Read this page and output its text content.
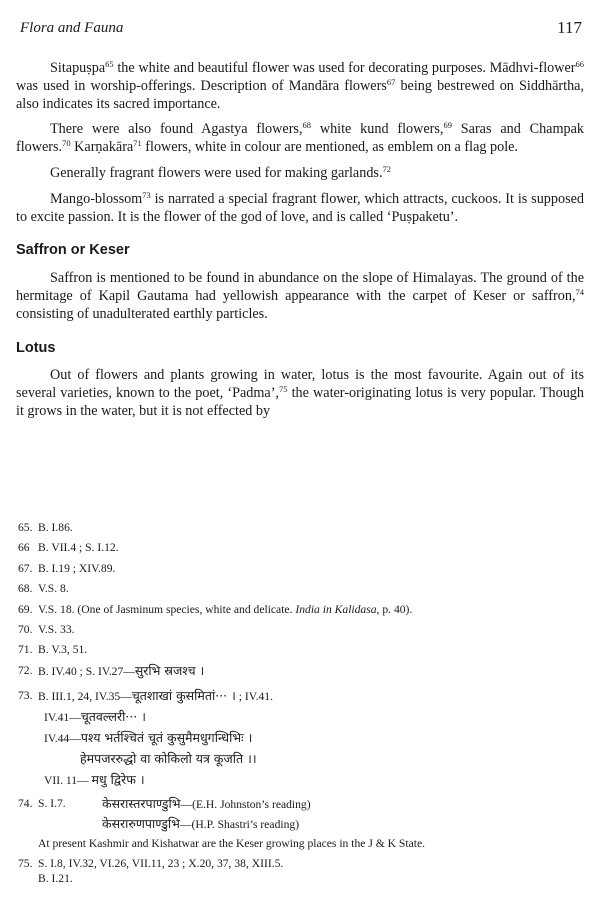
Flora and Fauna	117

Sitapuṣpa$^{65}$ the white and beautiful flower was used for decorating purposes. Mādhvi-flower$^{66}$ was used in worship-offerings. Description of Mandāra flowers$^{67}$ being bestrewed on Siddhārtha, also indicates its sacred importance.

There were also found Agastya flowers,$^{68}$ white kund flowers,$^{69}$ Saras and Champak flowers.$^{70}$ Karṇakāra$^{71}$ flowers, white in colour are mentioned, as emblem on a flag pole.

Generally fragrant flowers were used for making garlands.$^{72}$

Mango-blossom$^{73}$ is narrated a special fragrant flower, which attracts, cuckoos. It is supposed to excite passion. It is the flower of the god of love, and is called ‘Puṣpaketu’.

Saffron or Keser

Saffron is mentioned to be found in abundance on the slope of Himalayas. The ground of the hermitage of Kapil Gautama had yellowish appearance with the carpet of Keser or saffron,$^{74}$ consisting of unadulterated earthly particles.

Lotus

Out of flowers and plants growing in water, lotus is the most favourite. Again out of its several varieties, known to the poet, ‘Padma’,$^{75}$ the water-originating lotus is very popular. Though it grows in the water, but it is not effected by

65. B. I.86.
66 B. VII.4 ; S. I.12.
67. B. I.19 ; XIV.89.
68. V.S. 8.
69. V.S. 18. (One of Jasminum species, white and delicate. India in Kalidasa, p. 40).
70. V.S. 33.
71. B. V.3, 51.
72. B. IV.40 ; S. IV.27—सुरभि स्रजश्च ।
73. B. III.1, 24, IV.35—चूतशाखां कुसमितां··· । ; IV.41.
IV.41—चूतवल्लरी··· ।
IV.44—पश्य भर्तश्चितं चूतं कुसुमैमधुगन्धिभिः ।
हेमपजररुद्धो वा कोकिलो यत्र कूजति ।।
VII. 11— मधु द्विरेफ ।
74. S. I.7.	केसरास्तरपाण्डुभि—(E.H. Johnston’s reading)
केसरारुणपाण्डुभि—(H.P. Shastri’s reading)
At present Kashmir and Kishatwar are the Keser growing places in the J & K State.
75. S. I.8, IV.32, VI.26, VII.11, 23 ; X.20, 37, 38, XIII.5.
B. I.21.
